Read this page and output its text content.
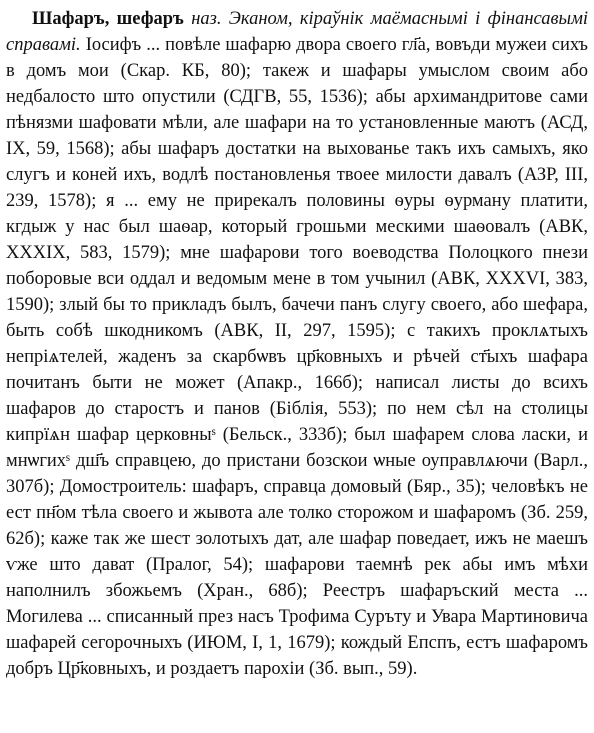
Шафаръ, шефаръ наз. Эканом, кіраўнік маёмаснымі і фінансавымі справамі. Іосифъ ... повѣле шафарю двора своего гл҃а, вовъди мужеи сихъ в домъ мои (Скар. КБ, 80); такеж и шафары умыслом своим або недбалосто што опустили (СДГВ, 55, 1536); абы архимандритове сами пѣнязми шафовати мѣли, але шафари на то установленные маютъ (АСД, IX, 59, 1568); абы шафаръ достатки на выхованье такъ ихъ самыхъ, яко слугъ и коней ихъ, водлѣ постановленья твоее милости давалъ (АЗР, III, 239, 1578); я ... ему не прирекалъ половины ѳуры ѳурманy платити, кгдыж у нас был шаѳар, который грошьми мескими шаѳовалъ (АВК, XXXIX, 583, 1579); мне шафарови того воеводства Полоцкого пнези поборовые вси оддал и ведомым мене в том учынил (АВК, XXXVI, 383, 1590); злый бы то прикладъ былъ, бачечи панъ слугу своего, або шефара, быть собѣ шкодникомъ (АВК, II, 297, 1595); с такихъ проклѧтыхъ непріѧтелей, жаденъ за скарбѡвъ цр҃ковныхъ и рѣчей ст҃ыхъ шафара почитанъ быти не может (Апакр., 166б); написал листы до всихъ шафаров до старостъ и панов (Біблія, 553); по нем сѣл на столицы кипрїѧн шафар церковныˢ (Бельск., 333б); был шафарем слова ласки, и мнѡгихˢ дш҃ъ справцею, до пристани бозскои ѡныe оуправлѧючи (Варл., 307б); Домостроитель: шафаръ, справца домовый (Бяр., 35); человѣкъ не ест пн҃ом тѣла своего и жывота але толко сторожом и шафаромъ (Зб. 259, 62б); каже так же шест золотыхъ дат, але шафар поведает, ижъ не маешъ ѵже што дават (Пралог, 54); шафарови таемнѣ рек абы имъ мѣхи наполнилъ збожьемъ (Хран., 68б); Реестръ шафаръский места ... Могилева ... списанный през насъ Трофима Суръту и Увара Мартиновича шафарей сегорочныхъ (ИЮМ, I, 1, 1679); кождый Епспъ, естъ шафаромъ добръ Цр҃ковныхъ, и роздаетъ парохіи (Зб. вып., 59).
